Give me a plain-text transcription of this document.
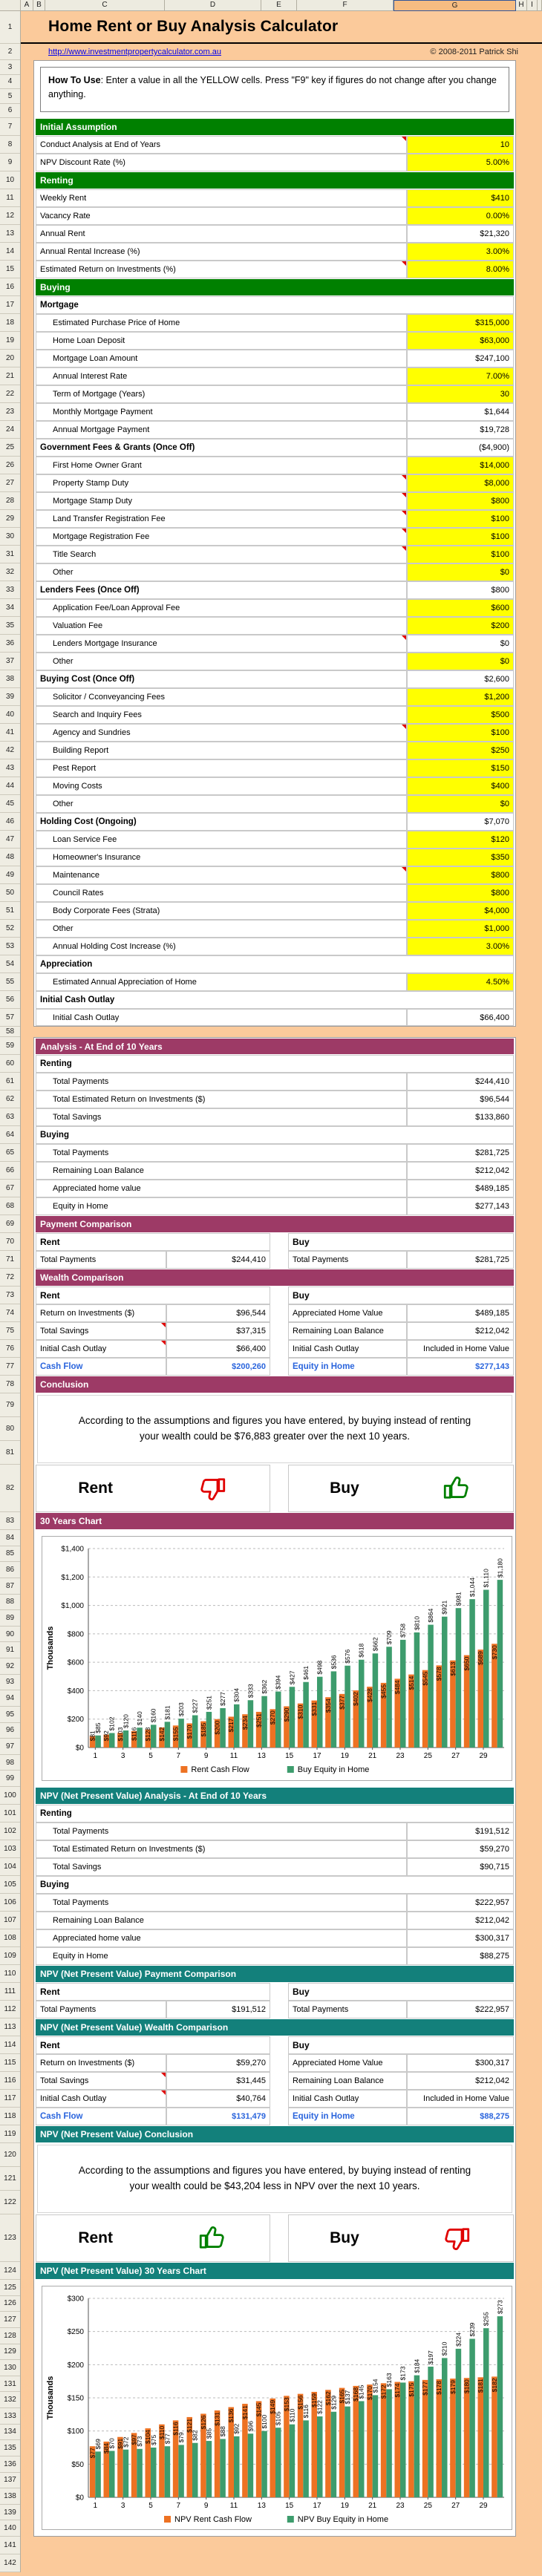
A B	C	D	E	F	G	H I
1	Home Rent or Buy Analysis Calculator
2	http://www.investmentpropertycalculator.com.au	© 2008-2011 Patrick Shi
3
4
5
6
How To Use: Enter a value in all the YELLOW cells. Press "F9" key if figures do not change after you change anything.
7	Initial Assumption
8	Conduct Analysis at End of Years	10
9	NPV Discount Rate (%)	5.00%
10	Renting
11	Weekly Rent	$410
12	Vacancy Rate	0.00%
13	Annual Rent	$21,320
14	Annual Rental Increase (%)	3.00%
15	Estimated Return on Investments (%)	8.00%
16	Buying
17	Mortgage
18	Estimated Purchase Price of Home	$315,000
19	Home Loan Deposit	$63,000
20	Mortgage Loan Amount	$247,100
21	Annual Interest Rate	7.00%
22	Term of Mortgage (Years)	30
23	Monthly Mortgage Payment	$1,644
24	Annual Mortgage Payment	$19,728
25	Government Fees & Grants (Once Off)	($4,900)
26	First Home Owner Grant	$14,000
27	Property Stamp Duty	$8,000
28	Mortgage Stamp Duty	$800
29	Land Transfer Registration Fee	$100
30	Mortgage Registration Fee	$100
31	Title Search	$100
32	Other	$0
33	Lenders Fees (Once Off)	$800
34	Application Fee/Loan Approval Fee	$600
35	Valuation Fee	$200
36	Lenders Mortgage Insurance	$0
37	Other	$0
38	Buying Cost (Once Off)	$2,600
39	Solicitor / Cconveyancing Fees	$1,200
40	Search and Inquiry Fees	$500
41	Agency and Sundries	$100
42	Building Report	$250
43	Pest Report	$150
44	Moving Costs	$400
45	Other	$0
46	Holding Cost (Ongoing)	$7,070
47	Loan Service Fee	$120
48	Homeowner's Insurance	$350
49	Maintenance	$800
50	Council Rates	$800
51	Body Corporate Fees (Strata)	$4,000
52	Other	$1,000
53	Annual Holding Cost Increase (%)	3.00%
54	Appreciation
55	Estimated Annual Appreciation of Home	4.50%
56	Initial Cash Outlay
57	Initial Cash Outlay	$66,400
58
59	Analysis - At End of 10 Years
60	Renting
61	Total Payments	$244,410
62	Total Estimated Return on Investments ($)	$96,544
63	Total Savings	$133,860
64	Buying
65	Total Payments	$281,725
66	Remaining Loan Balance	$212,042
67	Appreciated home value	$489,185
68	Equity in Home	$277,143
69	Payment Comparison
70	Rent	Buy
71	Total Payments	$244,410	Total Payments	$281,725
72	Wealth Comparison
73	Rent	Buy
74	Return on Investments ($)	$96,544	Appreciated Home Value	$489,185
75	Total Savings	$37,315	Remaining Loan Balance	$212,042
76	Initial Cash Outlay	$66,400	Initial Cash Outlay	Included in Home Value
77	Cash Flow	$200,260	Equity in Home	$277,143
78	Conclusion
79
80
81
According to the assumptions and figures you have entered, by buying instead of renting your wealth could be $76,883 greater over the next 10 years.
82	Rent	Buy
83	30 Years Chart
84
85
86
87
88
89
90
91
92
93
94
95
96
97
98
99
$0
$200
$400
$600
$800
$1,000
$1,200
$1,400
Thousands
$81
$85
1
$92
$102
$103
$120
3
$116
$140
$128
$160
5
$142
$181
$155
$203
7
$170
$227
$185
$251
9
$200
$277
$217
$304
11
$234
$333
$251
$362
13
$270
$394
$290
$427
15
$310
$461
$331
$498
17
$354
$536
$377
$576
19
$402
$618
$428
$662
21
$455
$709
$484
$758
23
$514
$810
$545
$864
25
$578
$921
$613
$981
27
$650
$1,044
$689
$1,110
29
$730
$1,180
Rent Cash Flow	Buy Equity in Home
100	NPV (Net Present Value) Analysis - At End of 10 Years
101	Renting
102	Total Payments	$191,512
103	Total Estimated Return on Investments ($)	$59,270
104	Total Savings	$90,715
105	Buying
106	Total Payments	$222,957
107	Remaining Loan Balance	$212,042
108	Appreciated home value	$300,317
109	Equity in Home	$88,275
110	NPV (Net Present Value) Payment Comparison
111	Rent	Buy
112	Total Payments	$191,512	Total Payments	$222,957
113	NPV (Net Present Value) Wealth Comparison
114	Rent	Buy
115	Return on Investments ($)	$59,270	Appreciated Home Value	$300,317
116	Total Savings	$31,445	Remaining Loan Balance	$212,042
117	Initial Cash Outlay	$40,764	Initial Cash Outlay	Included in Home Value
118	Cash Flow	$131,479	Equity in Home	$88,275
119	NPV (Net Present Value) Conclusion
120
121
122
According to the assumptions and figures you have entered, by buying instead of renting your wealth could be $43,204 less in NPV over the next 10 years.
123	Rent	Buy
124	NPV (Net Present Value) 30 Years Chart
125
126
127
128
129
130
131
132
133
134
135
136
137
138
139
140
$0
$50
$100
$150
$200
$250
$300
Thousands
$77
$69
1
$84
$70 $91
$72
3
$97
$73 $104
$75
5
$110
$77
$116
$79
7
$121
$82
$126
$85
9
$131
$88
$136
$92
11
$141
$96
$145
$100
13
$149
$105
$153
$110
15
$156
$116
$159
$122
17
$162
$129 $165
$137
19
$168
$145 $170
$154
21
$172
$163
$174
$173
23
$175
$184
$177
$197
25
$178
$210
$179
$224
27
$180
$239
$181
$255
29
$182
$273
NPV Rent Cash Flow	NPV Buy Equity in Home
141
142
